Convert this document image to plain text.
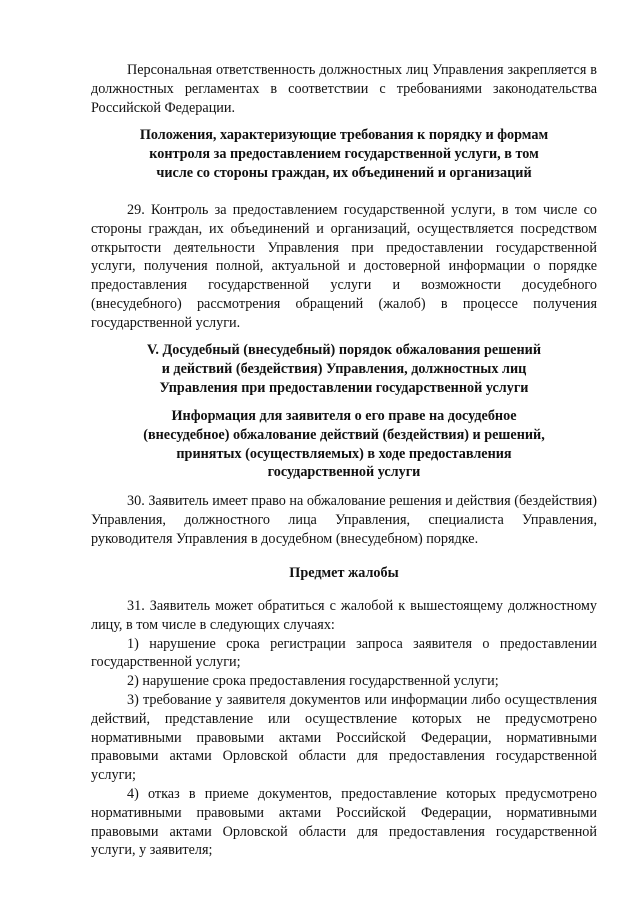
Персональная ответственность должностных лиц Управления закрепляется в должностных регламентах в соответствии с требованиями законодательства Российской Федерации.

Положения, характеризующие требования к порядку и формам
контроля за предоставлением государственной услуги, в том
числе со стороны граждан, их объединений и организаций

29. Контроль за предоставлением государственной услуги, в том числе со стороны граждан, их объединений и организаций, осуществляется посредством открытости деятельности Управления при предоставлении государственной услуги, получения полной, актуальной и достоверной информации о порядке предоставления государственной услуги и возможности досудебного (внесудебного) рассмотрения обращений (жалоб) в процессе получения государственной услуги.

V. Досудебный (внесудебный) порядок обжалования решений
и действий (бездействия) Управления, должностных лиц
Управления при предоставлении государственной услуги
Информация для заявителя о его праве на досудебное
(внесудебное) обжалование действий (бездействия) и решений,
принятых (осуществляемых) в ходе предоставления
государственной услуги

30. Заявитель имеет право на обжалование решения и действия (бездействия) Управления, должностного лица Управления, специалиста Управления, руководителя Управления в досудебном (внесудебном) порядке.

Предмет жалобы

31. Заявитель может обратиться с жалобой к вышестоящему должностному лицу, в том числе в следующих случаях:

1) нарушение срока регистрации запроса заявителя о предоставлении государственной услуги;

2) нарушение срока предоставления государственной услуги;

3) требование у заявителя документов или информации либо осуществления действий, представление или осуществление которых не предусмотрено нормативными правовыми актами Российской Федерации, нормативными правовыми актами Орловской области для предоставления государственной услуги;

4) отказ в приеме документов, предоставление которых предусмотрено нормативными правовыми актами Российской Федерации, нормативными правовыми актами Орловской области для предоставления государственной услуги, у заявителя;
